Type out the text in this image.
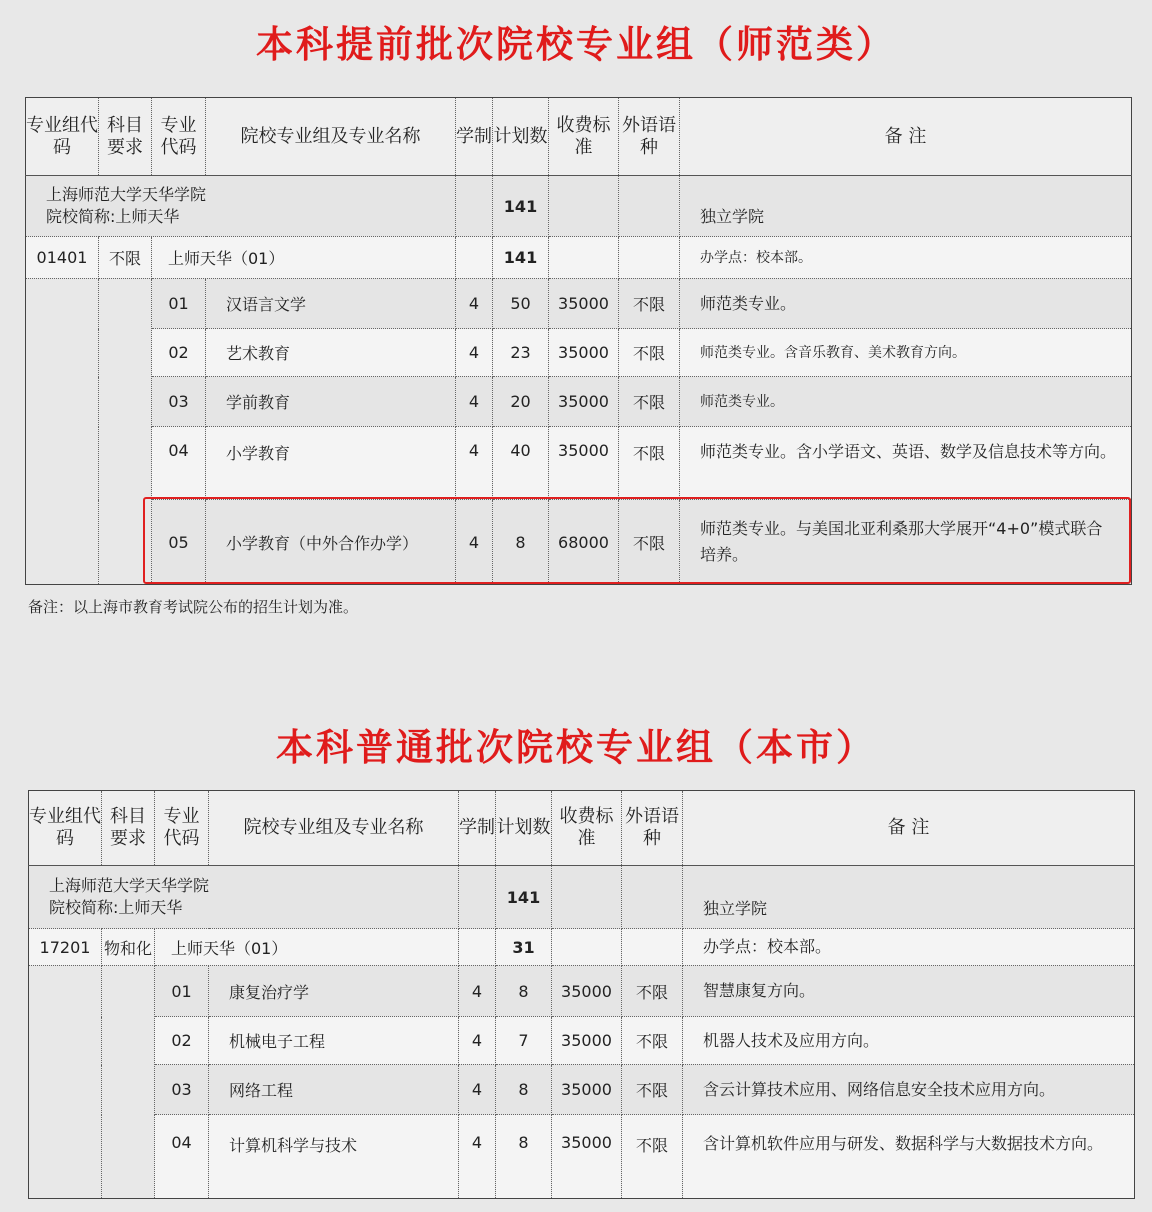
本科提前批次院校专业组（师范类）
专业组代码	科目要求	专业代码	院校专业组及专业名称	学制	计划数	收费标准	外语语种	备 注

上海师范大学天华学院
院校简称:上师天华					141			独立学院
01401	不限	上师天华（01）			141			办学点：校本部。
		01	汉语言文学	4	50	35000	不限	师范类专业。
		02	艺术教育	4	23	35000	不限	师范类专业。含音乐教育、美术教育方向。
		03	学前教育	4	20	35000	不限	师范类专业。
		04	小学教育	4	40	35000	不限	师范类专业。含小学语文、英语、数学及信息技术等方向。
		05	小学教育（中外合作办学）	4	8	68000	不限	师范类专业。与美国北亚利桑那大学展开“4+0”模式联合培养。
备注：以上海市教育考试院公布的招生计划为准。
本科普通批次院校专业组（本市）
专业组代码	科目要求	专业代码	院校专业组及专业名称	学制	计划数	收费标准	外语语种	备 注

上海师范大学天华学院
院校简称:上师天华					141			独立学院
17201	物和化	上师天华（01）			31			办学点：校本部。
		01	康复治疗学	4	8	35000	不限	智慧康复方向。
		02	机械电子工程	4	7	35000	不限	机器人技术及应用方向。
		03	网络工程	4	8	35000	不限	含云计算技术应用、网络信息安全技术应用方向。
		04	计算机科学与技术	4	8	35000	不限	含计算机软件应用与研发、数据科学与大数据技术方向。
